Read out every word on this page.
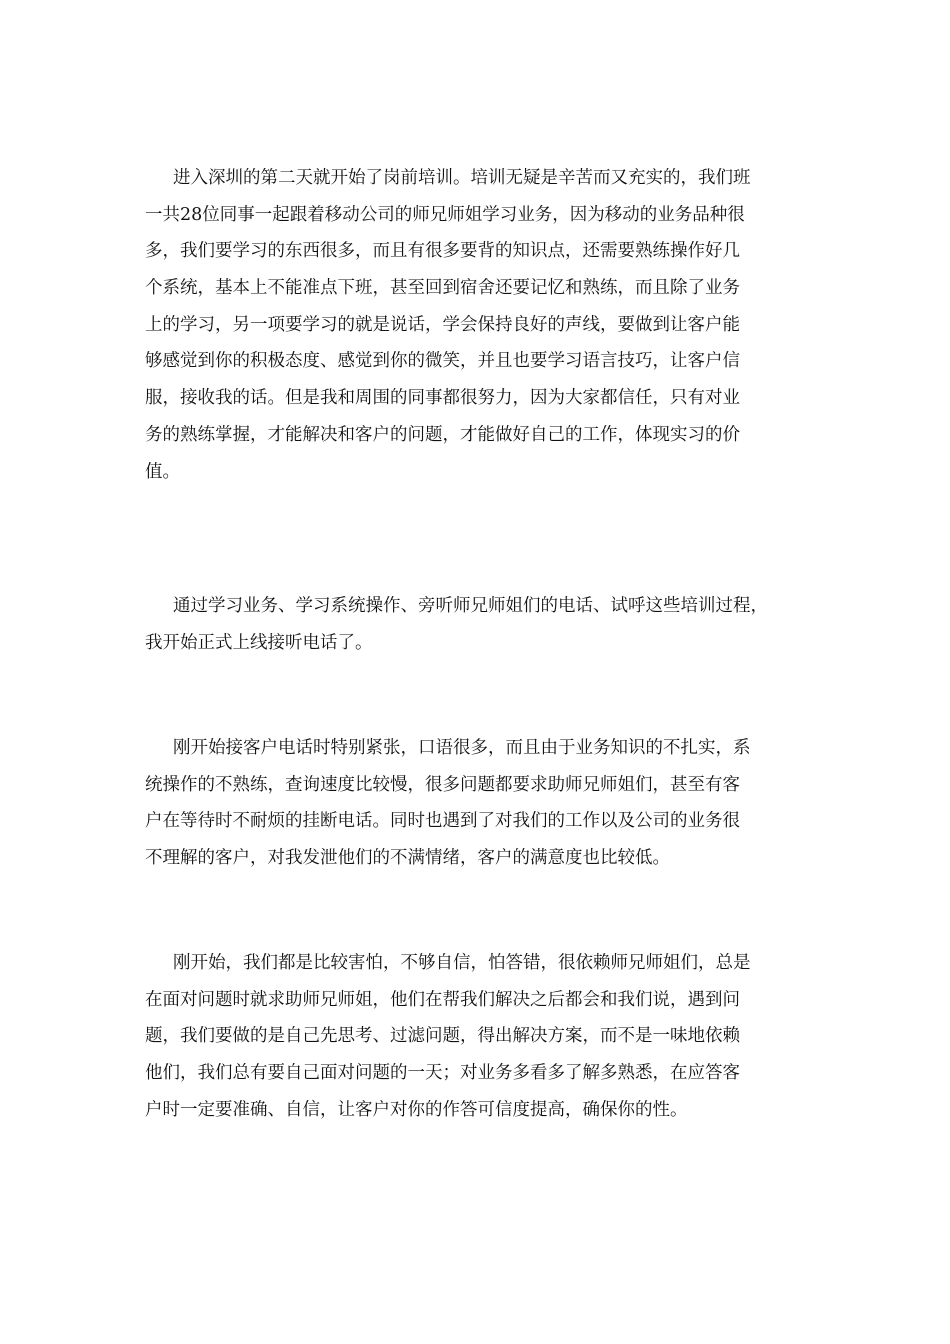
进入深圳的第二天就开始了岗前培训。培训无疑是辛苦而又充实的，我们班
一共28位同事一起跟着移动公司的师兄师姐学习业务，因为移动的业务品种很
多，我们要学习的东西很多，而且有很多要背的知识点，还需要熟练操作好几
个系统，基本上不能准点下班，甚至回到宿舍还要记忆和熟练，而且除了业务
上的学习，另一项要学习的就是说话，学会保持良好的声线，要做到让客户能
够感觉到你的积极态度、感觉到你的微笑，并且也要学习语言技巧，让客户信
服，接收我的话。但是我和周围的同事都很努力，因为大家都信任，只有对业
务的熟练掌握，才能解决和客户的问题，才能做好自己的工作，体现实习的价
值。
通过学习业务、学习系统操作、旁听师兄师姐们的电话、试呼这些培训过程，
我开始正式上线接听电话了。
刚开始接客户电话时特别紧张，口语很多，而且由于业务知识的不扎实，系
统操作的不熟练，查询速度比较慢，很多问题都要求助师兄师姐们，甚至有客
户在等待时不耐烦的挂断电话。同时也遇到了对我们的工作以及公司的业务很
不理解的客户，对我发泄他们的不满情绪，客户的满意度也比较低。
刚开始，我们都是比较害怕，不够自信，怕答错，很依赖师兄师姐们，总是
在面对问题时就求助师兄师姐，他们在帮我们解决之后都会和我们说，遇到问
题，我们要做的是自己先思考、过滤问题，得出解决方案，而不是一味地依赖
他们，我们总有要自己面对问题的一天；对业务多看多了解多熟悉，在应答客
户时一定要准确、自信，让客户对你的作答可信度提高，确保你的性。
